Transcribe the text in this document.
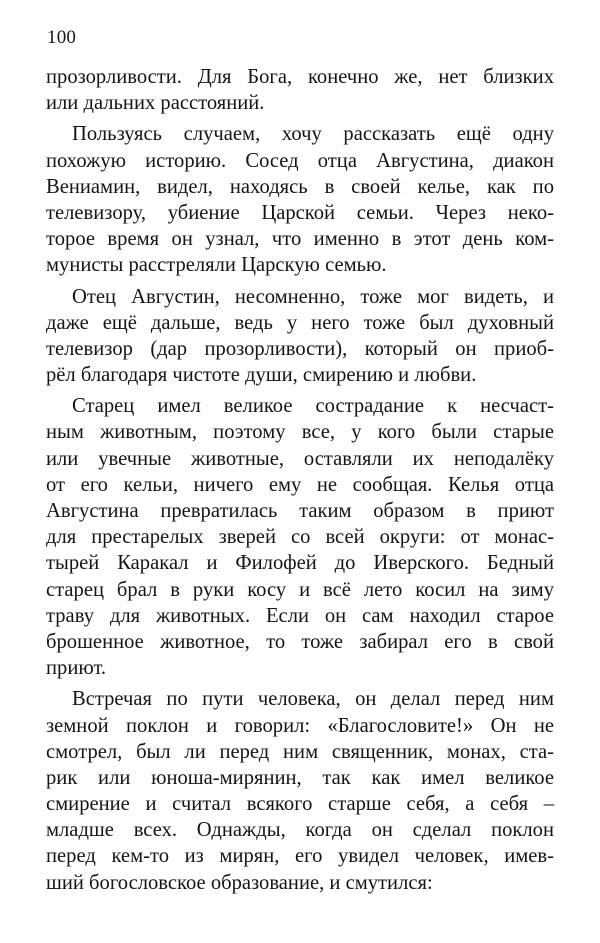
100
прозорливости. Для Бога, конечно же, нет близких
или дальних расстояний.
Пользуясь случаем, хочу рассказать ещё одну
похожую историю. Сосед отца Августина, диакон
Вениамин, видел, находясь в своей келье, как по
телевизору, убиение Царской семьи. Через неко-
торое время он узнал, что именно в этот день ком-
мунисты расстреляли Царскую семью.
Отец Августин, несомненно, тоже мог видеть, и
даже ещё дальше, ведь у него тоже был духовный
телевизор (дар прозорливости), который он приоб-
рёл благодаря чистоте души, смирению и любви.
Старец имел великое сострадание к несчаст-
ным животным, поэтому все, у кого были старые
или увечные животные, оставляли их неподалёку
от его кельи, ничего ему не сообщая. Келья отца
Августина превратилась таким образом в приют
для престарелых зверей со всей округи: от монас-
тырей Каракал и Филофей до Иверского. Бедный
старец брал в руки косу и всё лето косил на зиму
траву для животных. Если он сам находил старое
брошенное животное, то тоже забирал его в свой
приют.
Встречая по пути человека, он делал перед ним
земной поклон и говорил: «Благословите!» Он не
смотрел, был ли перед ним священник, монах, ста-
рик или юноша-мирянин, так как имел великое
смирение и считал всякого старше себя, а себя –
младше всех. Однажды, когда он сделал поклон
перед кем-то из мирян, его увидел человек, имев-
ший богословское образование, и смутился:
